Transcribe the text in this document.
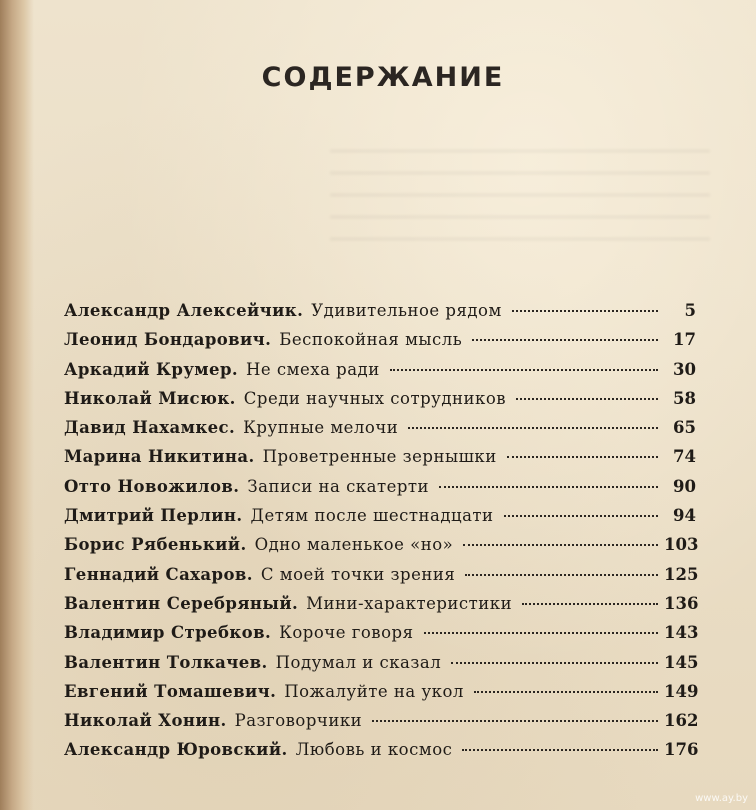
СОДЕРЖАНИЕ
Александр Алексейчик. Удивительное рядом	5
Леонид Бондарович. Беспокойная мысль	17
Аркадий Крумер. Не смеха ради	30
Николай Мисюк. Среди научных сотрудников	58
Давид Нахамкес. Крупные мелочи	65
Марина Никитина. Проветренные зернышки	74
Отто Новожилов. Записи на скатерти	90
Дмитрий Перлин. Детям после шестнадцати	94
Борис Рябенький. Одно маленькое «но»	103
Геннадий Сахаров. С моей точки зрения	125
Валентин Серебряный. Мини-характеристики	136
Владимир Стребков. Короче говоря	143
Валентин Толкачев. Подумал и сказал	145
Евгений Томашевич. Пожалуйте на укол	149
Николай Хонин. Разговорчики	162
Александр Юровский. Любовь и космос	176
www.ay.by
